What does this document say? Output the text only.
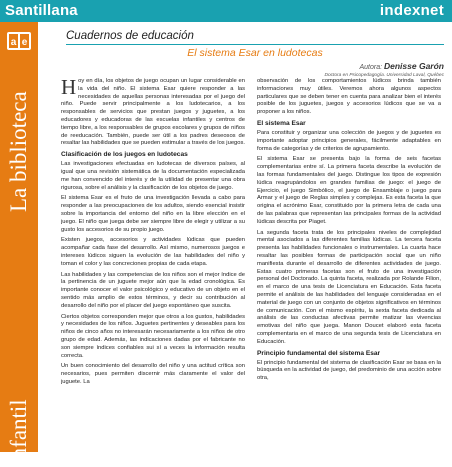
Santillana	indexnet
a e
La biblioteca
Infantil
Cuadernos de educación
El sistema Esar en ludotecas
Autora: Denisse Garón
Doctora en Psicopedagogía. Universidad Laval, Québec

Hoy en día, los objetos de juego ocupan un lugar considerable en la vida del niño. El sistema Esar quiere responder a las necesidades de aquellas personas interesadas por el juego del niño. Puede servir principalmente a los ludotecarios, a los responsables de servicios que prestan juegos y juguetes, a los educadores y educadoras de las escuelas infantiles y centros de tiempo libre, a los responsables de grupos escolares y grupos de niños de reeducación. También, puede ser útil a los padres deseosos de resaltar las habilidades que se pueden estimular a través de los juegos.

Clasificación de los juegos en ludotecas

Las investigaciones efectuadas en ludotecas de diversos países, al igual que una revisión sistemática de la documentación especializada me han convencido del interés y de la utilidad de presentar una obra rigurosa, sobre el análisis y la clasificación de los objetos de juego.

El sistema Esar es el fruto de una investigación llevada a cabo para responder a las preocupaciones de los adultos, siendo esencial insistir sobre la importancia del entorno del niño en la libre elección en el juego. El niño que juega debe ser siempre libre de elegir y utilizar a su gusto los accesorios de su propio juego.

Existen juegos, accesorios y actividades lúdicas que pueden acompañar cada fase del desarrollo. Así mismo, numerosos juegos e intereses lúdicos siguen la evolución de las habilidades del niño y toman el color y las concreciones propias de cada etapa.

Las habilidades y las competencias de los niños son el mejor índice de la pertinencia de un juguete mejor aún que la edad cronológica. Es importante conocer el valor psicológico y educativo de un objeto en el sentido más amplio de estos términos, y decir su contribución al desarrollo del niño por el placer del juego espontáneo que suscita.

Ciertos objetos corresponden mejor que otros a los gustos, habilidades y necesidades de los niños. Juguetes pertinentes y deseables para los niños de cinco años no interesarán necesariamente a los niños de otro grupo de edad. Además, las indicaciones dadas por el fabricante no son siempre índices confiables sui sí a veces la información resulta correcta.

Un buen conocimiento del desarrollo del niño y una actitud crítica son necesarios, pues permiten discernir más claramente el valor del juguete. La

observación de los comportamientos lúdicos brinda también informaciones muy útiles. Veremos ahora algunos aspectos particulares que se deben tener en cuenta para analizar bien el interés posible de los juguetes, juegos y accesorios lúdicos que se va a proponer a los niños.

El sistema Esar

Para constituir y organizar una colección de juegos y de juguetes es importante adoptar principios generales, fácilmente adaptables en forma de categorías y de criterios de agrupamiento.

El sistema Esar se presenta bajo la forma de seis facetas complementarias entre sí. La primera faceta describe la evolución de las formas fundamentales del juego. Distingue los tipos de expresión lúdica reagrupándolos en grandes familias de juego: el juego de Ejercicio, el juego Simbólico, el juego de Ensamblaje o juego para Armar y el juego de Reglas simples y complejas. Es esta faceta la que origina el acrónimo Esar, constituido por la primera letra de cada una de las palabras que representan las principales formas de la actividad lúdicas descrita por Piaget.

La segunda faceta trata de los principales niveles de complejidad mental asociados a las diferentes familias lúdicas. La tercera faceta presenta las habilidades funcionales o instrumentales. La cuarta hace resaltar las posibles formas de participación social que un niño manifiesta durante el desarrollo de diferentes actividades de juego. Estas cuatro primeras facetas son el fruto de una investigación personal del Doctorado. La quinta faceta, realizada por Rolande Filion, en el marco de una tesis de Licenciatura en Educación. Esta faceta permite el análisis de las habilidades del lenguaje consideradas en el material de juego con un conjunto de objetos significativos en términos de comunicación. Con el mismo espíritu, la sexta faceta dedicada al análisis de las conductas afectivas permite matizar las vivencias emotivas del niño que juega. Manon Doucet elaboró esta faceta complementaria en el marco de una segunda tesis de Licenciatura en Educación.

Principio fundamental del sistema Esar

El principio fundamental del sistema de clasificación Esar se basa en la búsqueda en la actividad de juego, del predominio de una acción sobre otra,
